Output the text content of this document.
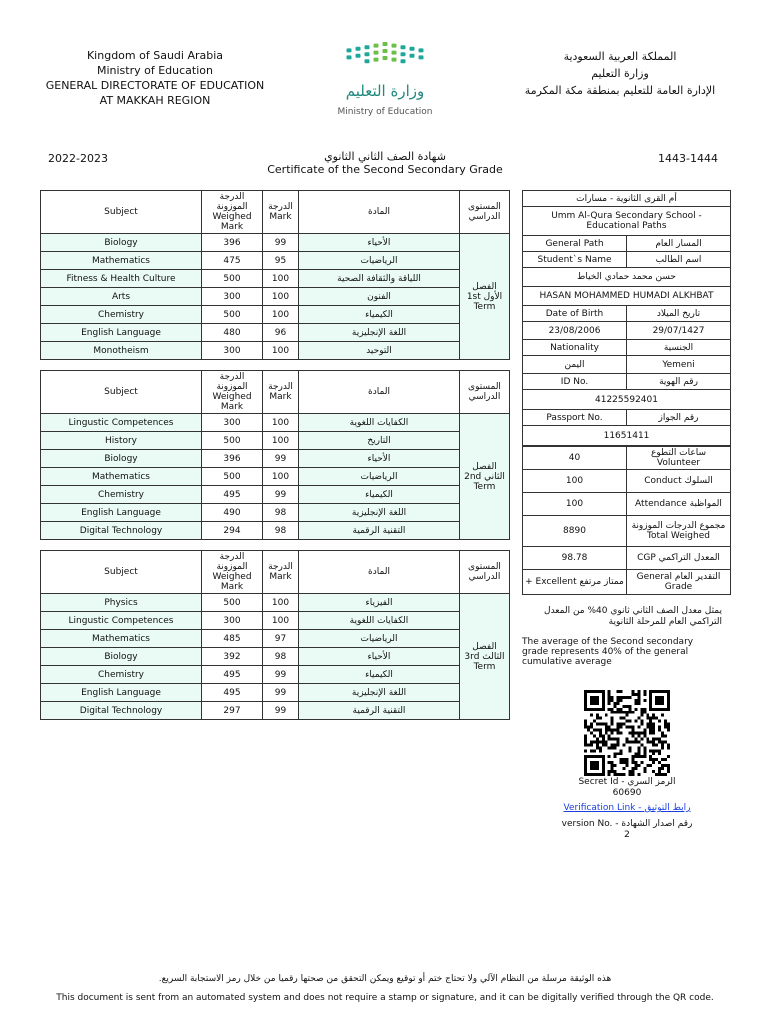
Kingdom of Saudi Arabia
Ministry of Education
GENERAL DIRECTORATE OF EDUCATION AT MAKKAH REGION
وزارة التعليم
Ministry of Education
المملكة العربية السعودية
وزارة التعليم
الإدارة العامة للتعليم بمنطقة مكة المكرمة
2022-2023	شهادة الصف الثاني الثانوي
Certificate of the Second Secondary Grade
1443-1444
Subject	الدرجة الموزونة Weighed Mark	الدرجة Mark	المادة	المستوى الدراسي
Biology	396	99	الأحياء	الفصل الأول 1st Term
Mathematics	475	95	الرياضيات	
Fitness & Health Culture	500	100	اللياقة والثقافة الصحية	
Arts	300	100	الفنون	
Chemistry	500	100	الكيمياء	
English Language	480	96	اللغة الإنجليزية	
Monotheism	300	100	التوحيد	
Subject	الدرجة الموزونة Weighed Mark	الدرجة Mark	المادة	المستوى الدراسي
Lingustic Competences	300	100	الكفايات اللغوية	الفصل الثاني 2nd Term
History	500	100	التاريخ	
Biology	396	99	الأحياء	
Mathematics	500	100	الرياضيات	
Chemistry	495	99	الكيمياء	
English Language	490	98	اللغة الإنجليزية	
Digital Technology	294	98	التقنية الرقمية	
Subject	الدرجة الموزونة Weighed Mark	الدرجة Mark	المادة	المستوى الدراسي
Physics	500	100	الفيزياء	الفصل الثالث 3rd Term
Lingustic Competences	300	100	الكفايات اللغوية	
Mathematics	485	97	الرياضيات	
Biology	392	98	الأحياء	
Chemistry	495	99	الكيمياء	
English Language	495	99	اللغة الإنجليزية	
Digital Technology	297	99	التقنية الرقمية	
أم القرى الثانوية - مسارات	
Umm Al-Qura Secondary School - Educational Paths	
General Path	المسار العام
Student`s Name	اسم الطالب
حسن محمد حمادي الخياط	
HASAN MOHAMMED HUMADI ALKHBAT	
Date of Birth	تاريخ الميلاد
23/08/2006	29/07/1427
Nationality	الجنسية
اليمن	Yemeni
ID No.	رقم الهوية
41225592401	
Passport No.	رقم الجواز
11651411	
40	ساعات التطوع Volunteer
100	السلوك Conduct
100	المواظبة Attendance
8890	مجموع الدرجات الموزونة Total Weighed
98.78	المعدل التراكمي CGP
ممتاز مرتفع Excellent +	التقدير العام General Grade
يمثل معدل الصف الثاني ثانوي 40% من المعدل التراكمي العام للمرحلة الثانوية
The average of the Second secondary grade represents 40% of the general cumulative average
Secret Id - الرمز السري
60690
Verification Link - رابط التوثيق
version No. - رقم اصدار الشهادة
2
هذه الوثيقة مرسلة من النظام الآلي ولا تحتاج ختم أو توقيع ويمكن التحقق من صحتها رقميا من خلال رمز الاستجابة السريع.
This document is sent from an automated system and does not require a stamp or signature, and it can be digitally verified through the QR code.
